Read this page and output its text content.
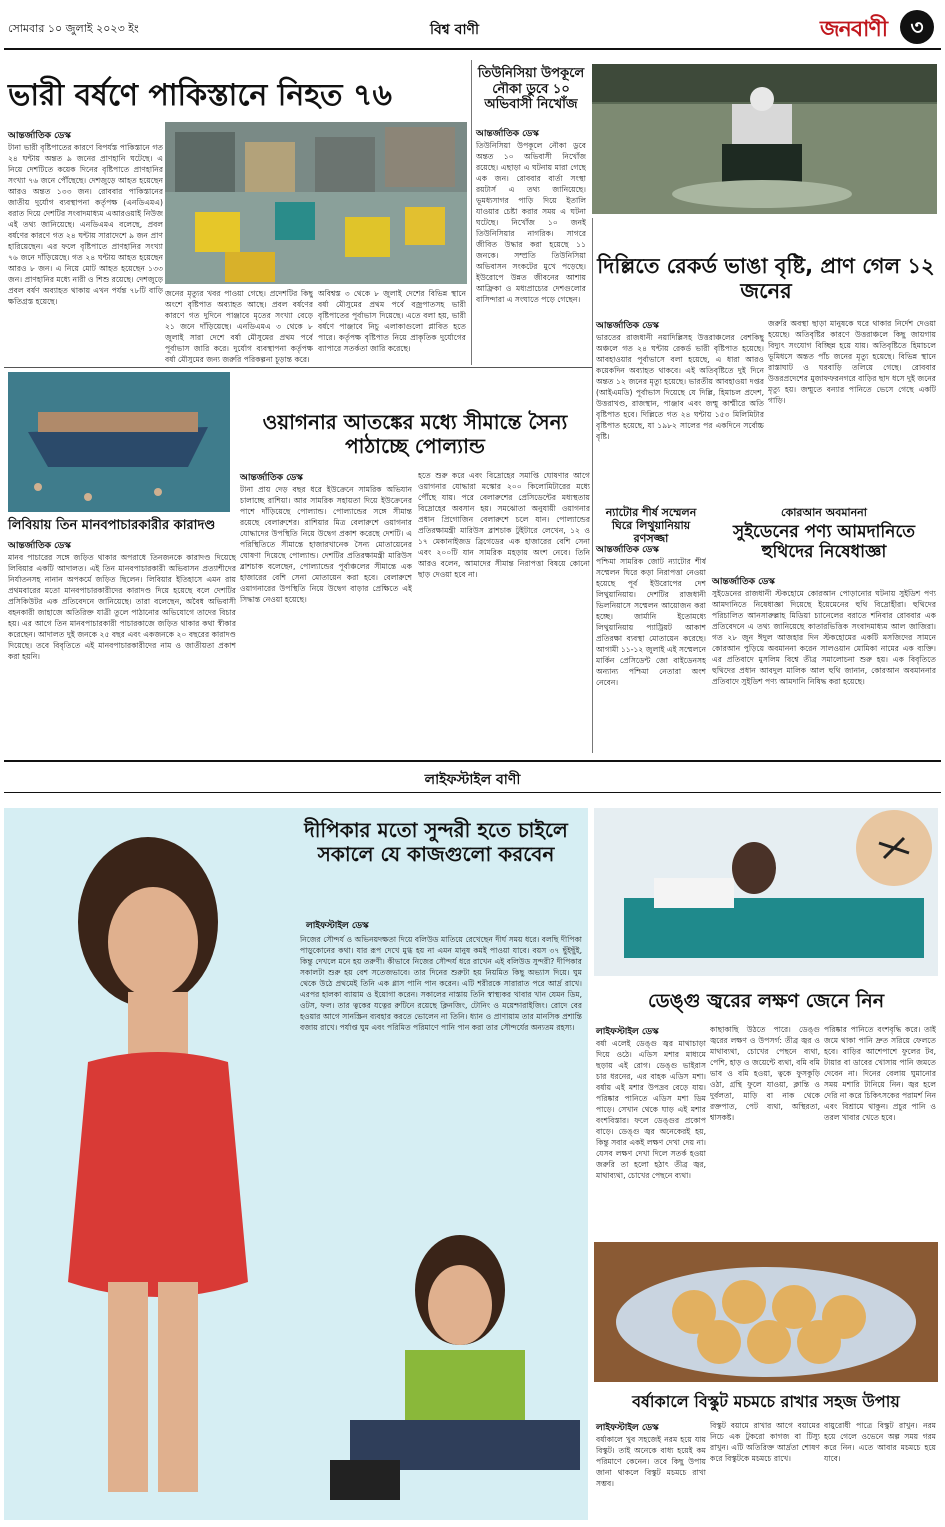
সোমবার ১০ জুলাই ২০২৩ ইং	বিশ্ব বাণী	জনবাণী	৩
ভারী বর্ষণে পাকিস্তানে নিহত ৭৬
আন্তর্জাতিক ডেস্ক
টানা ভারী বৃষ্টিপাতের কারণে বিপর্যস্ত পাকিস্তানে গত ২৪ ঘন্টায় অন্তত ৯ জনের প্রাণহানি ঘটেছে। এ নিয়ে দেশটিতে কয়েক দিনের বৃষ্টিপাতে প্রাণহানির সংখ্যা ৭৬ জনে পৌঁছেছে। দেশজুড়ে আহত হয়েছেন আরও অন্তত ১৩৩ জন। রোববার পাকিস্তানের জাতীয় দুর্যোগ ব্যবস্থাপনা কর্তৃপক্ষ (এনডিএমএ) বরাত দিয়ে দেশটির সংবাদমাধ্যম এআরওয়াই নিউজ এই তথ্য জানিয়েছে। এনডিএমএ বলেছে, প্রবল বর্ষণের কারণে গত ২৪ ঘন্টায় সারাদেশে ৯ জন প্রাণ হারিয়েছেন। এর ফলে বৃষ্টিপাতে প্রাণহানির সংখ্যা ৭৬ জনে দাঁড়িয়েছে। গত ২৪ ঘন্টায় আহত হয়েছেন আরও ৮ জন। এ নিয়ে মোট আহত হয়েছেন ১৩৩ জন। প্রাণহানির মধ্যে নারী ও শিশু রয়েছে। দেশজুড়ে প্রবল বর্ষণ অব্যাহত থাকায় এখন পর্যন্ত ৭৮টি বাড়ি ক্ষতিগ্রস্ত হয়েছে।
জনের মৃত্যুর খবর পাওয়া গেছে। প্রদেশটির কিছু অংশে বৃষ্টিপাত অব্যাহত আছে। প্রবল বর্ষণের কারণে গত দুদিনে পাঞ্জাবে মৃতের সংখ্যা বেড়ে ২১ জনে দাঁড়িয়েছে। এনডিএমএ ৩ থেকে ৮ জুলাই সারা দেশে বর্ষা মৌসুমের প্রথম পর্বে পূর্বাভাস জারি করে। দুর্যোগ ব্যবস্থাপনা কর্তৃপক্ষ বর্ষা মৌসুমের জন্য জরুরি পরিকল্পনা চূড়ান্ত করে।
অবিশ্বস্ত ৩ থেকে ৮ জুলাই দেশের বিভিন্ন স্থানে বর্ষা মৌসুমের প্রথম পর্বে বজ্রপাতসহ ভারী বৃষ্টিপাতের পূর্বাভাস দিয়েছে। এতে বলা হয়, ভারী বর্ষণে পাঞ্জাবে নিচু এলাকাগুলো প্লাবিত হতে পারে। কর্তৃপক্ষ বৃষ্টিপাত নিয়ে প্রাকৃতিক দুর্যোগের ব্যাপারে সতর্কতা জারি করেছে।
তিউনিসিয়া উপকূলে নৌকা ডুবে ১০ অভিবাসী নিখোঁজ
আন্তর্জাতিক ডেস্ক
তিউনিসিয়া উপকূলে নৌকা ডুবে অন্তত ১০ অভিবাসী নিখোঁজ রয়েছে। এছাড়া এ ঘটনায় মারা গেছে এক জন। রোববার বার্তা সংস্থা রয়টার্স এ তথ্য জানিয়েছে। ভূমধ্যসাগর পাড়ি দিয়ে ইতালি যাওয়ার চেষ্টা করার সময় এ ঘটনা ঘটেছে। নিখোঁজ ১০ জনই তিউনিসিয়ার নাগরিক। সাগরে জীবিত উদ্ধার করা হয়েছে ১১ জনকে। সম্প্রতি তিউনিসিয়া অভিবাসন সংকটের মুখে পড়েছে। ইউরোপে উন্নত জীবনের আশায় আফ্রিকা ও মধ্যপ্রাচ্যের দেশগুলোর বাসিন্দারা এ সংঘাতে পড়ে গেছেন।
দিল্লিতে রেকর্ড ভাঙা বৃষ্টি, প্রাণ গেল ১২ জনের
আন্তর্জাতিক ডেস্ক
ভারতের রাজধানী নয়াদিল্লিসহ উত্তরাঞ্চলের বেশকিছু অঞ্চলে গত ২৪ ঘন্টায় রেকর্ড ভারী বৃষ্টিপাত হয়েছে। আবহাওয়ার পূর্বাভাসে বলা হয়েছে, এ ধারা আরও কয়েকদিন অব্যাহত থাকবে। এই অতিবৃষ্টিতে দুই দিনে অন্তত ১২ জনের মৃত্যু হয়েছে। ভারতীয় আবহাওয়া দপ্তর (আইএমডি) পূর্বাভাস দিয়েছে যে দিল্লি, হিমাচল প্রদেশ, উত্তরাখণ্ড, রাজস্থান, পাঞ্জাব এবং জম্মু কাশ্মীরে অতি বৃষ্টিপাত হবে। দিল্লিতে গত ২৪ ঘন্টায় ১৫৩ মিলিমিটার বৃষ্টিপাত হয়েছে, যা ১৯৮২ সালের পর একদিনে সর্বোচ্চ বৃষ্টি।
জরুরি অবস্থা ছাড়া মানুষকে ঘরে থাকার নির্দেশ দেওয়া হয়েছে। অতিবৃষ্টির কারণে উত্তরাঞ্চলে কিছু জায়গায় বিদ্যুৎ সংযোগ বিচ্ছিন্ন হয়ে যায়। অতিবৃষ্টিতে হিমাচলে ভূমিধসে অন্তত পাঁচ জনের মৃত্যু হয়েছে। বিভিন্ন স্থানে রাস্তাঘাট ও ঘরবাড়ি তলিয়ে গেছে। রোববার উত্তরপ্রদেশের মুজাফফরনগরে বাড়ির ছাদ ধসে দুই জনের মৃত্যু হয়। জম্মুতে বন্যার পানিতে ভেসে গেছে একটি গাড়ি।
লিবিয়ায় তিন মানবপাচারকারীর কারাদণ্ড
আন্তর্জাতিক ডেস্ক
মানব পাচারের সঙ্গে জড়িত থাকার অপরাধে তিনজনকে কারাদণ্ড দিয়েছে লিবিয়ার একটি আদালত। এই তিন মানবপাচারকারী অভিবাসন প্রত্যাশীদের নির্যাতনসহ নানান অপকর্মে জড়িত ছিলেন। লিবিয়ার ইতিহাসে এমন রায় প্রথমবারের মতো মানবপাচারকারীদের কারাদণ্ড দিয়ে হয়েছে বলে দেশটির প্রসিকিউটর এক প্রতিবেদনে জানিয়েছে। তারা বলেছেন, অবৈধ অভিবাসী বহনকারী জাহাজে অতিরিক্ত যাত্রী তুলে পাঠানোর অভিযোগে তাদের বিচার হয়। এর আগে তিন মানবপাচারকারী পাচারকাজে জড়িত থাকার কথা স্বীকার করেছেন। আদালত দুই জনকে ২৫ বছর এবং একজনকে ২০ বছরের কারাদণ্ড দিয়েছে। তবে বিবৃতিতে এই মানবপাচারকারীদের নাম ও জাতীয়তা প্রকাশ করা হয়নি।
ওয়াগনার আতঙ্কের মধ্যে সীমান্তে সৈন্য পাঠাচ্ছে পোল্যান্ড
আন্তর্জাতিক ডেস্ক
টানা প্রায় দেড় বছর ধরে ইউক্রেনে সামরিক অভিযান চালাচ্ছে রাশিয়া। আর সামরিক সহায়তা দিয়ে ইউক্রেনের পাশে দাঁড়িয়েছে পোল্যান্ড। পোল্যান্ডের সঙ্গে সীমান্ত রয়েছে বেলারুশের। রাশিয়ার মিত্র বেলারুশে ওয়াগনার যোদ্ধাদের উপস্থিতি নিয়ে উদ্বেগ প্রকাশ করেছে দেশটি। এ পরিস্থিতিতে সীমান্তে হাজারখানেক সৈন্য মোতায়েনের ঘোষণা দিয়েছে পোল্যান্ড। দেশটির প্রতিরক্ষামন্ত্রী মারিউস ব্লাশচাক বলেছেন, পোল্যান্ডের পূর্বাঞ্চলের সীমান্তে এক হাজারের বেশি সেনা মোতায়েন করা হবে। বেলারুশে ওয়াগনারের উপস্থিতি নিয়ে উদ্বেগ বাড়ার প্রেক্ষিতে এই সিদ্ধান্ত নেওয়া হয়েছে।
হতে শুরু করে এবং বিদ্রোহের সমাপ্তি ঘোষণার আগে ওয়াগনার যোদ্ধারা মস্কোর ২০০ কিলোমিটারের মধ্যে পৌঁছে যায়। পরে বেলারুশের প্রেসিডেন্টের মধ্যস্থতায় বিদ্রোহের অবসান হয়। সমঝোতা অনুযায়ী ওয়াগনার প্রধান প্রিগোজিন বেলারুশে চলে যান। পোল্যান্ডের প্রতিরক্ষামন্ত্রী মারিউস ব্লাশচাক টুইটারে লেখেন, ১২ ও ১৭ মেকানাইজড ব্রিগেডের এক হাজারের বেশি সেনা এবং ২০০টি যান সামরিক মহড়ায় অংশ নেবে। তিনি আরও বলেন, আমাদের সীমান্ত নিরাপত্তা বিষয়ে কোনো ছাড় দেওয়া হবে না।
ন্যাটোর শীর্ষ সম্মেলন ঘিরে লিথুয়ানিয়ায় রণসজ্জা
আন্তর্জাতিক ডেস্ক
পশ্চিমা সামরিক জোট ন্যাটোর শীর্ষ সম্মেলন ঘিরে কড়া নিরাপত্তা নেওয়া হয়েছে পূর্ব ইউরোপের দেশ লিথুয়ানিয়ায়। দেশটির রাজধানী ভিলনিয়াসে সম্মেলন আয়োজন করা হচ্ছে। জার্মানি ইতোমধ্যে লিথুয়ানিয়ায় প্যাট্রিয়ট আকাশ প্রতিরক্ষা ব্যবস্থা মোতায়েন করেছে। আগামী ১১-১২ জুলাই এই সম্মেলনে মার্কিন প্রেসিডেন্ট জো বাইডেনসহ অন্যান্য পশ্চিমা নেতারা অংশ নেবেন।
কোরআন অবমাননা
সুইডেনের পণ্য আমদানিতে হুথিদের নিষেধাজ্ঞা
আন্তর্জাতিক ডেস্ক
সুইডেনের রাজধানী স্টকহোমে কোরআন পোড়ানোর ঘটনায় সুইডিশ পণ্য আমদানিতে নিষেধাজ্ঞা দিয়েছে ইয়েমেনের হুথি বিদ্রোহীরা। হুথিদের পরিচালিত আনসারুল্লাহ মিডিয়া চ্যানেলের বরাতে শনিবার রোববার এক প্রতিবেদনে এ তথ্য জানিয়েছে কাতারভিত্তিক সংবাদমাধ্যম আল জাজিরা। গত ২৮ জুন ঈদুল আজহার দিন স্টকহোমের একটি মসজিদের সামনে কোরআন পুড়িয়ে অবমাননা করেন সালওয়ান মোমিকা নামের এক ব্যক্তি। এর প্রতিবাদে মুসলিম বিশ্বে তীব্র সমালোচনা শুরু হয়। এক বিবৃতিতে হুথিদের প্রধান আবদুল মালিক আল হুথি জানান, কোরআন অবমাননার প্রতিবাদে সুইডিশ পণ্য আমদানি নিষিদ্ধ করা হয়েছে।
লাইফস্টাইল বাণী
দীপিকার মতো সুন্দরী হতে চাইলে সকালে যে কাজগুলো করবেন
লাইফস্টাইল ডেস্ক
নিজের সৌন্দর্য ও অভিনয়দক্ষতা দিয়ে বলিউড মাতিয়ে রেখেছেন দীর্ঘ সময় ধরে। বলছি দীপিকা পাড়ুকোনের কথা। যার রূপ দেখে মুগ্ধ হয় না এমন মানুষ কমই পাওয়া যাবে। বয়স ৩৭ ছুঁইছুঁই, কিন্তু দেখলে মনে হয় তরুণী। কীভাবে নিজের সৌন্দর্য ধরে রাখেন এই বলিউড সুন্দরী? দীপিকার সকালটা শুরু হয় বেশ সতেজভাবে। তার দিনের শুরুটা হয় নিয়মিত কিছু অভ্যাস দিয়ে। ঘুম থেকে উঠে প্রথমেই তিনি এক গ্লাস পানি পান করেন। এটি শরীরকে সারারাত পরে আর্দ্র রাখে। এরপর হালকা ব্যায়াম ও ইয়োগা করেন। সকালের নাস্তায় তিনি স্বাস্থ্যকর খাবার খান যেমন ডিম, ওটস, ফল। তার ত্বকের যত্নের রুটিনে রয়েছে ক্লিনজিং, টোনিং ও ময়েশ্চারাইজিং। রোদে বের হওয়ার আগে সানস্ক্রিন ব্যবহার করতে ভোলেন না তিনি। ধ্যান ও প্রাণায়াম তার মানসিক প্রশান্তি বজায় রাখে। পর্যাপ্ত ঘুম এবং পরিমিত পরিমাণে পানি পান করা তার সৌন্দর্যের অন্যতম রহস্য।
ডেঙ্গু জ্বরের লক্ষণ জেনে নিন
লাইফস্টাইল ডেস্ক
বর্ষা এলেই ডেঙ্গু জ্বর মাথাচাড়া দিয়ে ওঠে। এডিস মশার মাধ্যমে ছড়ায় এই রোগ। ডেঙ্গু ভাইরাস চার ধরনের, এর বাহক এডিস মশা। বর্ষায় এই মশার উপদ্রব বেড়ে যায়। পরিষ্কার পানিতে এডিস মশা ডিম পাড়ে। সেখান থেকে ঘাড় এই মশার বংশবিস্তার। ফলে ডেঙ্গুর প্রকোপ বাড়ে। ডেঙ্গু জ্বর অনেকেরই হয়, কিন্তু সবার একই লক্ষণ দেখা দেয় না। যেসব লক্ষণ দেখা দিলে সতর্ক হওয়া জরুরি তা হলো হঠাৎ তীব্র জ্বর, মাথাব্যথা, চোখের পেছনে ব্যথা।
কাছাকাছি উঠতে পারে। ডেঙ্গু জ্বরের লক্ষণ ও উপসর্গ: তীব্র জ্বর ও মাথাব্যথা, চোখের পেছনে ব্যথা, পেশি, হাড় ও জয়েন্টে ব্যথা, বমি বমি ভাব ও বমি হওয়া, ত্বকে ফুসকুড়ি ওঠা, গ্রন্থি ফুলে যাওয়া, ক্লান্তি ও দুর্বলতা, মাড়ি বা নাক থেকে রক্তপাত, পেট ব্যথা, অস্থিরতা, শ্বাসকষ্ট।
পরিষ্কার পানিতে বংশবৃদ্ধি করে। তাই জমে থাকা পানি দ্রুত সরিয়ে ফেলতে হবে। বাড়ির আশেপাশে ফুলের টব, টায়ার বা ডাবের খোসায় পানি জমতে দেবেন না। দিনের বেলায় ঘুমানোর সময় মশারি টানিয়ে নিন। জ্বর হলে দেরি না করে চিকিৎসকের পরামর্শ নিন এবং বিশ্রামে থাকুন। প্রচুর পানি ও তরল খাবার খেতে হবে।
বর্ষাকালে বিস্কুট মচমচে রাখার সহজ উপায়
লাইফস্টাইল ডেস্ক
বর্ষাকালে খুব সহজেই নরম হয়ে যায় বিস্কুট। তাই অনেকে বাধ্য হয়েই কম পরিমাণে কেনেন। তবে কিছু উপায় জানা থাকলে বিস্কুট মচমচে রাখা সম্ভব।
বিস্কুট বয়ামে রাখার আগে বয়ামের নিচে এক টুকরো কাগজ বা টিস্যু রাখুন। এটি অতিরিক্ত আর্দ্রতা শোষণ করে বিস্কুটকে মচমচে রাখে।
বায়ুরোধী পাত্রে বিস্কুট রাখুন। নরম হয়ে গেলে ওভেনে অল্প সময় গরম করে নিন। এতে আবার মচমচে হয়ে যাবে।
